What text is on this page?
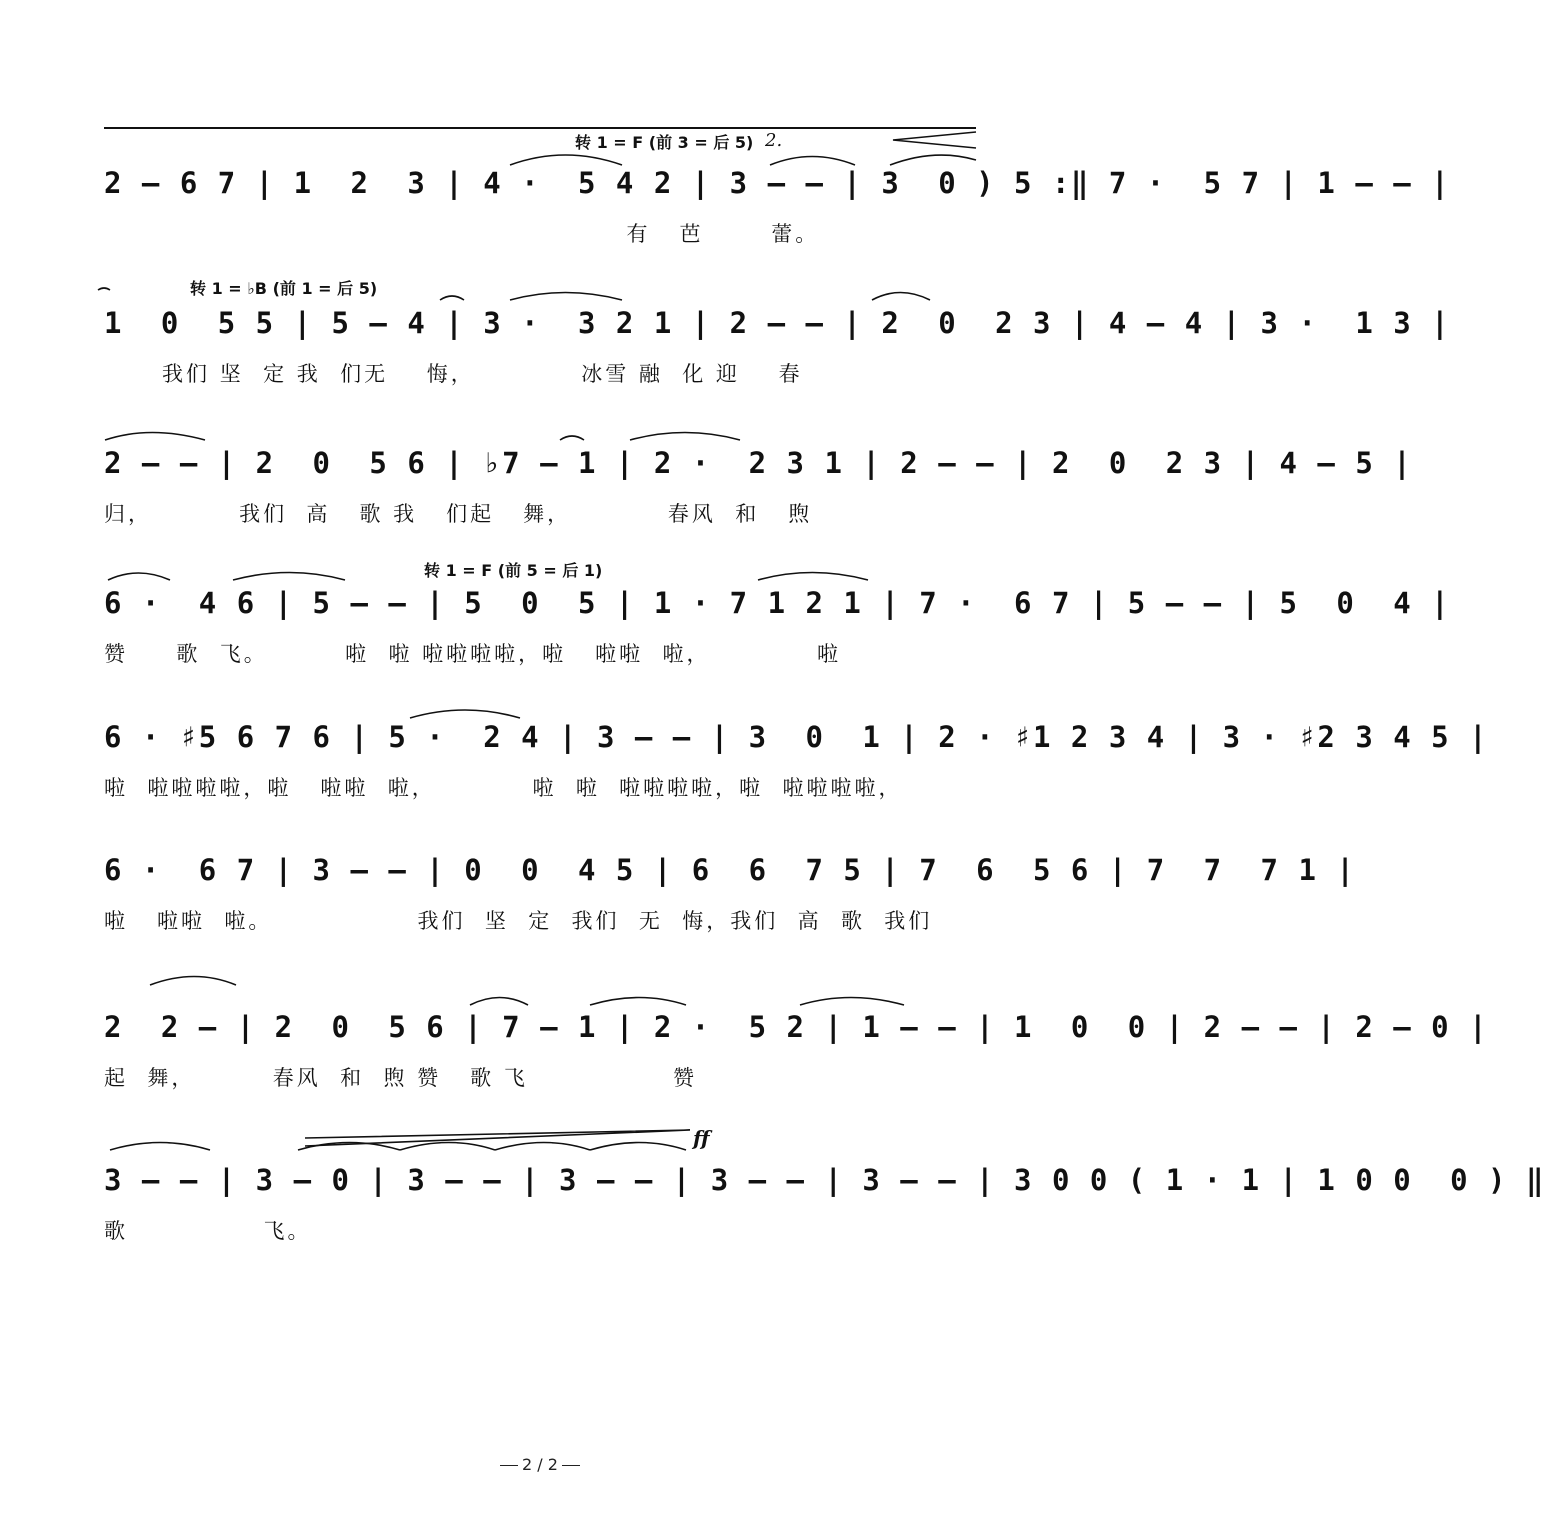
转 1 = F (前 3 = 后 5) 2.
转 1 = ♭B (前 1 = 后 5)
转 1 = F (前 5 = 后 1)
ff
2 – 6 7 | 1  2  3 | 4 ·  5 4 2 | 3 – – | 3  0 ) 5 :‖ 7 ·  5 7 | 1 – – |
有   芭       蕾。
1  0  5 5 | 5 – 4 | 3 ·  3 2 1 | 2 – – | 2  0  2 3 | 4 – 4 | 3 ·  1 3 |
我们 坚  定 我  们无    悔，           冰雪 融  化 迎    春
2 – – | 2  0  5 6 | ♭7 – 1 | 2 ·  2 3 1 | 2 – – | 2  0  2 3 | 4 – 5 |
归，         我们  高   歌 我   们起   舞，          春风  和   煦
6 ·  4 6 | 5 – – | 5  0  5 | 1 · 7 1 2 1 | 7 ·  6 7 | 5 – – | 5  0  4 |
赞     歌  飞。        啦  啦 啦啦啦啦，啦   啦啦  啦，           啦
6 · ♯5 6 7 6 | 5 ·  2 4 | 3 – – | 3  0  1 | 2 · ♯1 2 3 4 | 3 · ♯2 3 4 5 |
啦  啦啦啦啦，啦   啦啦  啦，          啦  啦  啦啦啦啦，啦  啦啦啦啦，
6 ·  6 7 | 3 – – | 0  0  4 5 | 6  6  7 5 | 7  6  5 6 | 7  7  7 1 |
啦   啦啦  啦。               我们  坚  定  我们  无  悔，我们  高  歌  我们
2  2 – | 2  0  5 6 | 7 – 1 | 2 ·  5 2 | 1 – – | 1  0  0 | 2 – – | 2 – 0 |
起  舞，        春风  和  煦 赞   歌 飞               赞
3 – – | 3 – 0 | 3 – – | 3 – – | 3 – – | 3 – – | 3 0 0 ( 1 · 1 | 1 0 0  0 ) ‖
歌              飞。
2 / 2
